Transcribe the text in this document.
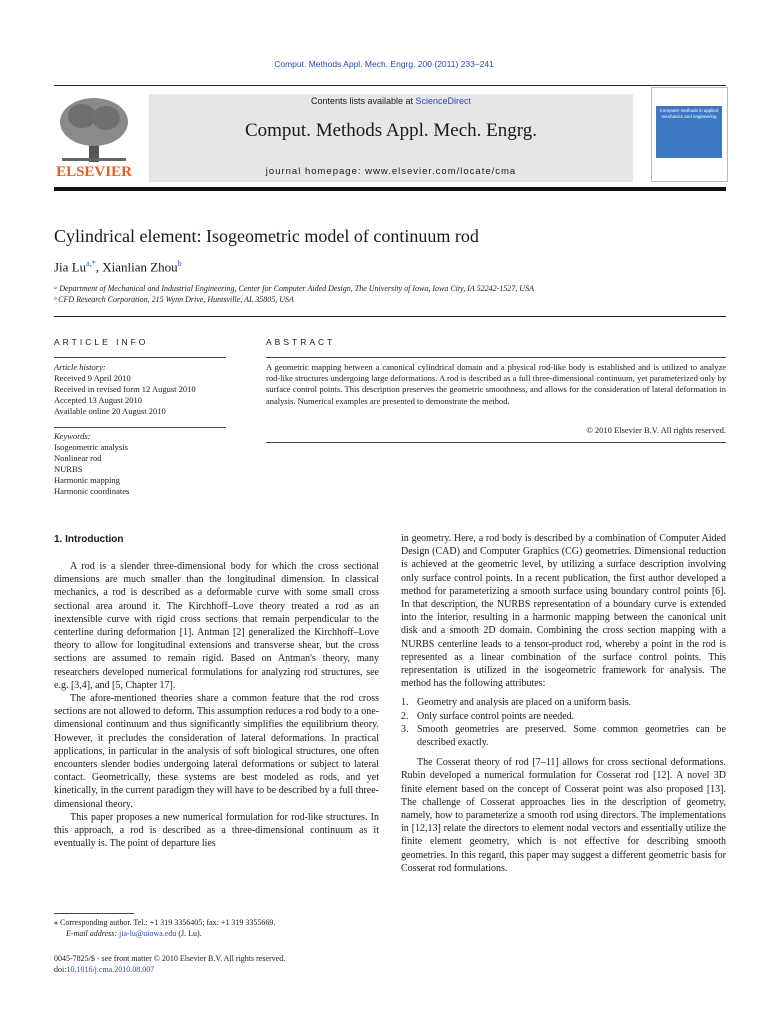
Comput. Methods Appl. Mech. Engrg. 200 (2011) 233–241
ELSEVIER
Contents lists available at ScienceDirect
Comput. Methods Appl. Mech. Engrg.
journal homepage: www.elsevier.com/locate/cma
Computer methods in applied mechanics and engineering
Cylindrical element: Isogeometric model of continuum rod
Jia $Lu^{a,*}$, Xianlian Zhou$^b$
ᵃ Department of Mechanical and Industrial Engineering, Center for Computer Aided Design, The University of Iowa, Iowa City, IA 52242-1527, USA
ᵇ CFD Research Corporation, 215 Wynn Drive, Huntsville, AL 35805, USA
ARTICLE INFO
Article history:
Received 9 April 2010
Received in revised form 12 August 2010
Accepted 13 August 2010
Available online 20 August 2010
Keywords:
Isogeometric analysis
Nonlinear rod
NURBS
Harmonic mapping
Harmonic coordinates
ABSTRACT
A geometric mapping between a canonical cylindrical domain and a physical rod-like body is established and is utilized to analyze rod-like structures undergoing large deformations. A rod is described as a full three-dimensional continuum, yet parameterized only by surface control points. This description preserves the geometric smoothness, and allows for the consideration of lateral deformation in analysis. Numerical examples are presented to demonstrate the method.
© 2010 Elsevier B.V. All rights reserved.
1. Introduction

A rod is a slender three-dimensional body for which the cross sectional dimensions are much smaller than the longitudinal dimension. In classical mechanics, a rod is described as a deformable curve with some small cross sectional area around it. The Kirchhoff–Love theory treated a rod as an inextensible curve with rigid cross sections that remain perpendicular to the centerline during deformation [1]. Antman [2] generalized the Kirchhoff–Love theory to allow for longitudinal extensions and transverse shear, but the cross sections are assumed to remain rigid. Based on Antman's theory, many researchers developed numerical formulations for analyzing rod structures, see e.g. [3,4], and [5, Chapter 17].

The afore-mentioned theories share a common feature that the rod cross sections are not allowed to deform. This assumption reduces a rod body to a one-dimensional continuum and thus significantly simplifies the equilibrium theory. However, it precludes the consideration of lateral deformations. In practical applications, in particular in the analysis of soft biological structures, one often encounters slender bodies undergoing lateral deformations or subject to lateral contact. Geometrically, these systems are best modeled as rods, and yet kinetically, in the current paradigm they will have to be described by a full three-dimensional theory.

This paper proposes a new numerical formulation for rod-like structures. In this approach, a rod is described as a three-dimensional continuum as it eventually is. The point of departure lies

in geometry. Here, a rod body is described by a combination of Computer Aided Design (CAD) and Computer Graphics (CG) geometries. Dimensional reduction is achieved at the geometric level, by utilizing a surface description involving only surface control points. In a recent publication, the first author developed a method for parameterizing a smooth surface using boundary control points [6]. In that description, the NURBS representation of a boundary curve is extended into the interior, resulting in a harmonic mapping between the canonical unit disk and a smooth 2D domain. Combining the cross section mapping with a NURBS centerline leads to a tensor-product rod, whereby a point in the rod is represented as a linear combination of the surface control points. This representation is utilized in the isogeometric framework for analysis. The method has the following attributes:

1. Geometry and analysis are placed on a uniform basis.
2. Only surface control points are needed.
3. Smooth geometries are preserved. Some common geometries can be described exactly.

The Cosserat theory of rod [7–11] allows for cross sectional deformations. Rubin developed a numerical formulation for Cosserat rod [12]. A novel 3D finite element based on the concept of Cosserat point was also proposed [13]. The challenge of Cosserat approaches lies in the description of geometry, namely, how to parameterize a smooth rod using directors. The implementations in [12,13] relate the directors to element nodal vectors and essentially utilize the finite element geometry, which is not effective for describing smooth geometries. In this regard, this paper may suggest a different geometric basis for Cosserat rod formulations.

⁎ Corresponding author. Tel.: +1 319 3356405; fax: +1 319 3355669.
E-mail address: jia-lu@uiowa.edu (J. Lu).
0045-7825/$ - see front matter © 2010 Elsevier B.V. All rights reserved.
doi:10.1016/j.cma.2010.08.007
